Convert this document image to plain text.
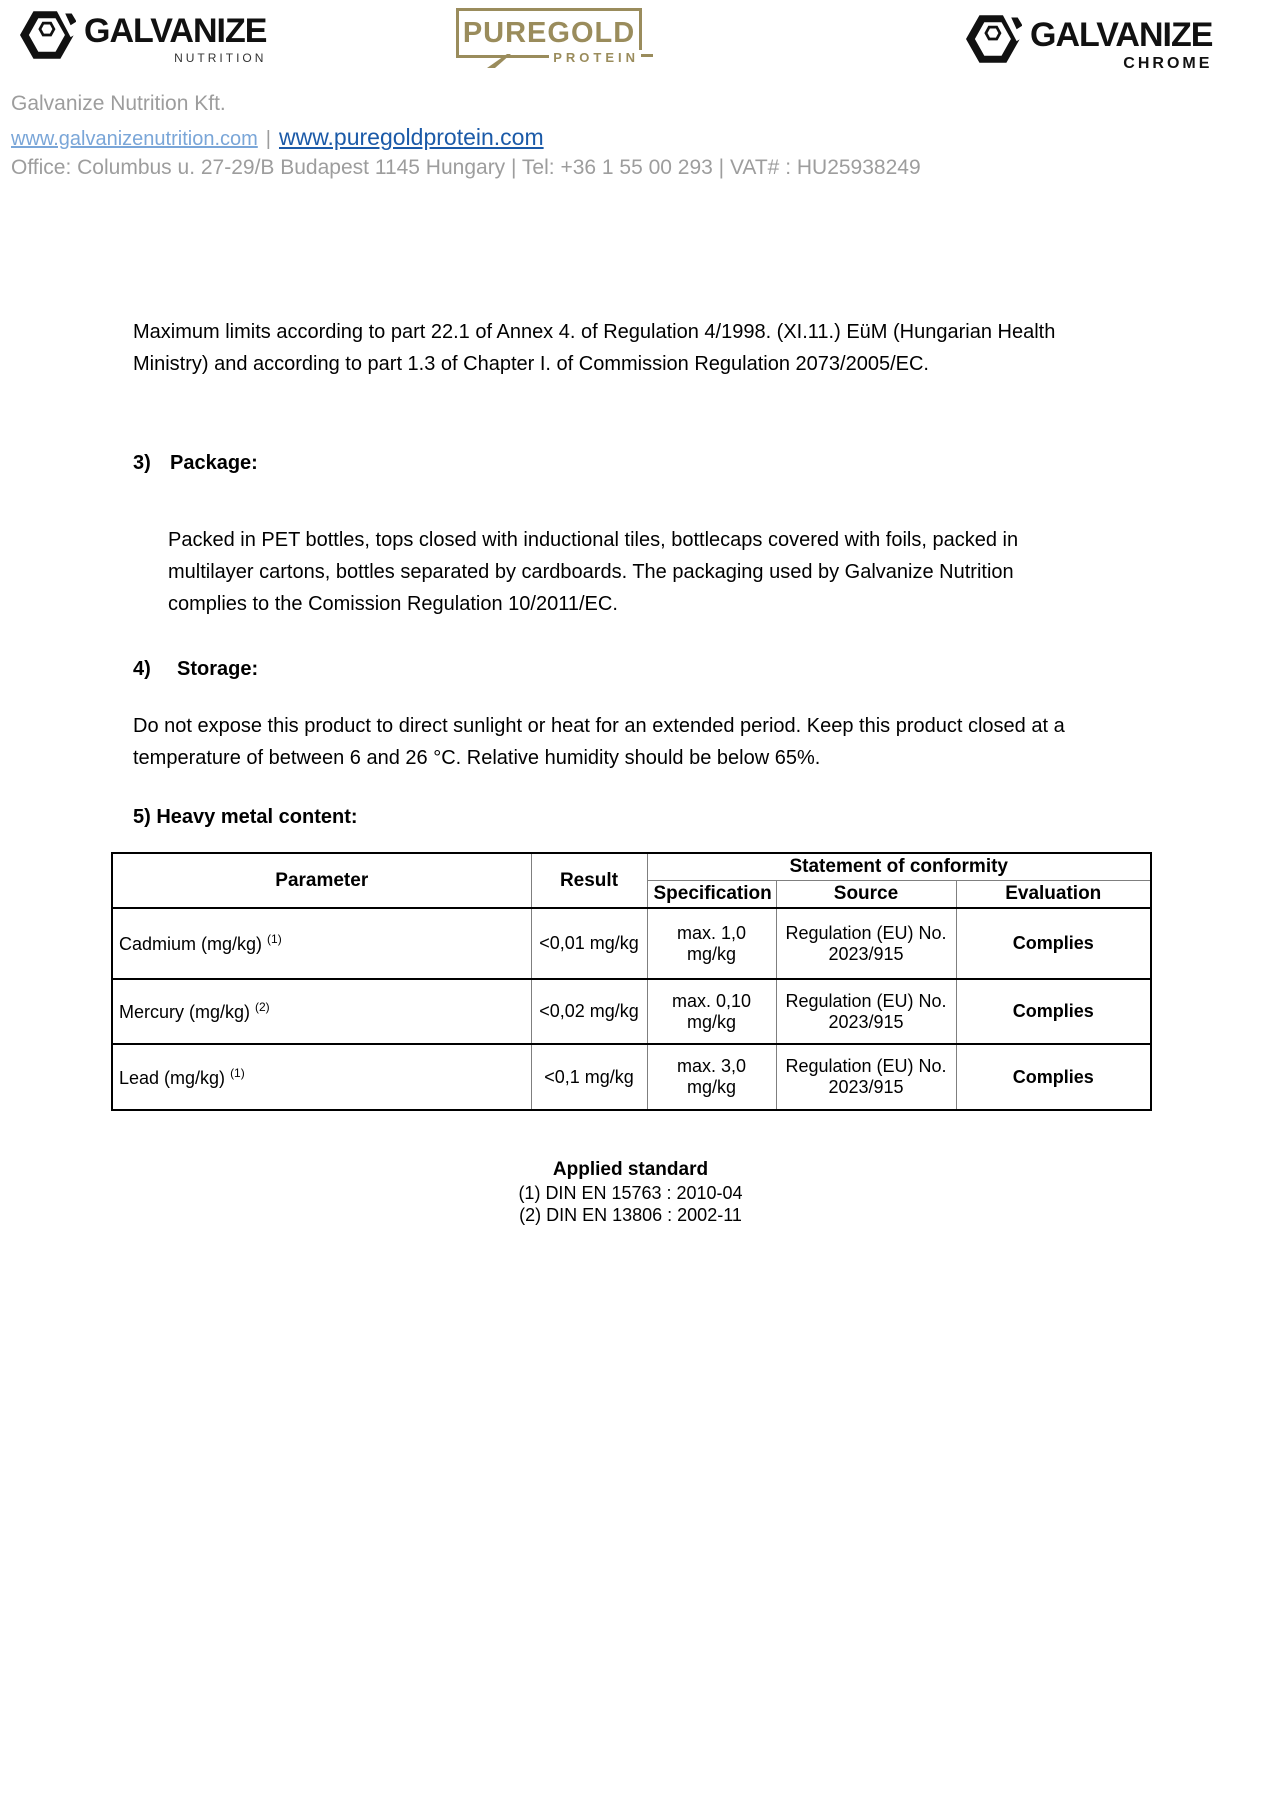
GALVANIZE
NUTRITION
PUREGOLD
PROTEIN
GALVANIZE
CHROME
Galvanize Nutrition Kft.
www.galvanizenutrition.com | www.puregoldprotein.com
Office: Columbus u. 27-29/B Budapest 1145 Hungary | Tel: +36 1 55 00 293 | VAT# : HU25938249
Maximum limits according to part 22.1 of Annex 4. of Regulation 4/1998. (XI.11.) EüM (Hungarian Health Ministry) and according to part 1.3 of Chapter I. of Commission Regulation 2073/2005/EC.
3) Package:
Packed in PET bottles, tops closed with inductional tiles, bottlecaps covered with foils, packed in multilayer cartons, bottles separated by cardboards. The packaging used by Galvanize Nutrition complies to the Comission Regulation 10/2011/EC.
4)	Storage:
Do not expose this product to direct sunlight or heat for an extended period. Keep this product closed at a temperature of between 6 and 26 °C. Relative humidity should be below 65%.
5) Heavy metal content:
Parameter	Result	Statement of conformity		
		Specification	Source	Evaluation
Cadmium (mg/kg) $^{(1)}$	<0,01 mg/kg	max. 1,0 mg/kg	Regulation (EU) No. 2023/915	Complies
Mercury (mg/kg) $^{(2)}$	<0,02 mg/kg	max. 0,10 mg/kg	Regulation (EU) No. 2023/915	Complies
Lead (mg/kg) $^{(1)}$	<0,1 mg/kg	max. 3,0 mg/kg	Regulation (EU) No. 2023/915	Complies
Applied standard
(1) DIN EN 15763 : 2010-04
(2) DIN EN 13806 : 2002-11
